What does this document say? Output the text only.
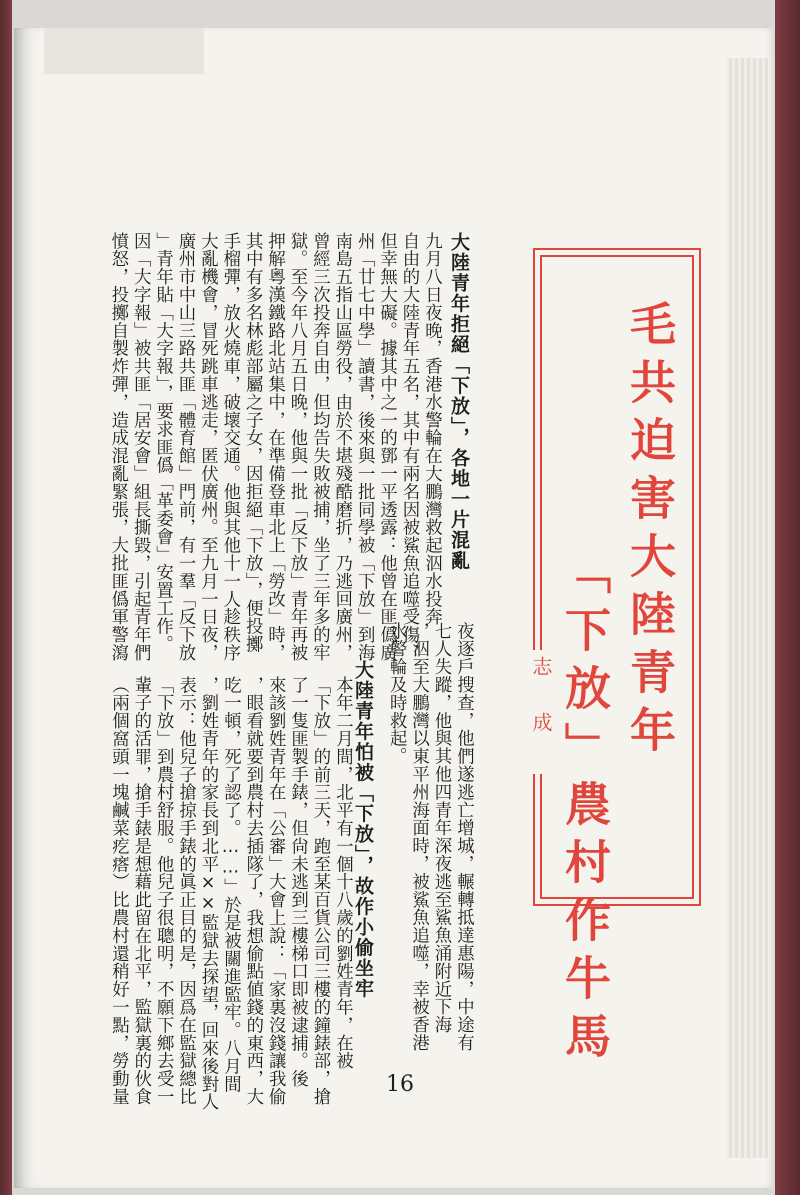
毛共迫害大陸青年
「下放」農村作牛馬
志成
大陸青年拒絕「下放」，各地一片混亂
九月八日夜晚，香港水警輪在大鵬灣救起泅水投奔
自由的大陸青年五名，其中有兩名因被鯊魚追噬受傷，
但幸無大礙。據其中之一的鄧一平透露：他曾在匪僞廣
州「廿七中學」讀書，後來與一批同學被「下放」到海
南島五指山區勞役，由於不堪殘酷磨折，乃逃回廣州，
曾經三次投奔自由，但均告失敗被捕，坐了三年多的牢
獄。至今年八月五日晚，他與一批「反下放」青年再被
押解粵漢鐵路北站集中，在準備登車北上「勞改」時，
其中有多名林彪部屬之子女，因拒絕「下放」，便投擲
手榴彈，放火燒車，破壞交通。他與其他十一人趁秩序
大亂機會，冒死跳車逃走，匿伏廣州。至九月一日夜，
廣州市中山三路共匪「體育館」門前，有一羣「反下放
」青年貼「大字報」，要求匪僞「革委會」安置工作。
因「大字報」被共匪「居安會」組長撕毀，引起青年們
憤怒，投擲自製炸彈，造成混亂緊張，大批匪僞軍警瀉
夜逐戶搜查，他們遂逃亡增城，輾轉抵達惠陽，中途有
七人失蹤，他與其他四青年深夜逃至鯊魚涌附近下海
，泅至大鵬灣以東平州海面時，被鯊魚追噬，幸被香港
水警輪及時救起。
大陸青年怕被「下放」，故作小偷坐牢
本年二月間，北平有一個十八歲的劉姓青年，在被
「下放」的前三天，跑至某百貨公司三樓的鐘錶部，搶
了一隻匪製手錶，但尙未逃到三樓梯口即被逮捕。後
來該劉姓青年在「公審」大會上說：「家裏沒錢讓我偷
，眼看就要到農村去插隊了，我想偷點値錢的東西，大
吃一頓，死了認了。……」於是被關進監牢。八月間
，劉姓青年的家長到北平××監獄去探望，回來後對人
表示：他兒子搶掠手錶的眞正目的是，因爲在監獄總比
「下放」到農村舒服。他兒子很聰明，不願下鄉去受一
輩子的活罪，搶手錶是想藉此留在北平，監獄裏的伙食
（兩個窩頭一塊鹹菜疙瘩）比農村還稍好一點，勞動量	16
